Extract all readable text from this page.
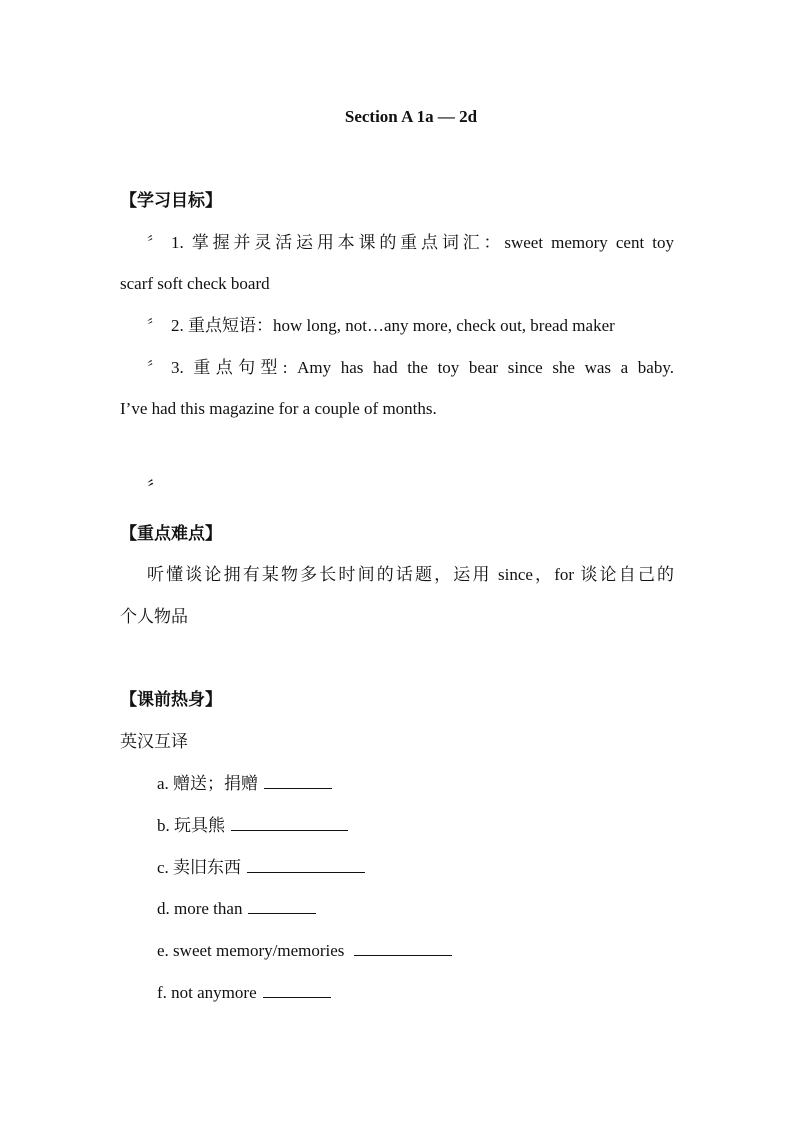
Section A 1a — 2d
【学习目标】
〞 1. 掌握并灵活运用本课的重点词汇：sweet memory cent toy
scarf soft check board
〞 2. 重点短语：how long, not…any more, check out, bread maker
〞 3. 重点句型: Amy has had the toy bear since she was a baby.
I’ve had this magazine for a couple of months.
〞
【重点难点】
听懂谈论拥有某物多长时间的话题，运用 since，for 谈论自己的
个人物品
【课前热身】
英汉互译
a. 赠送；捐赠
b. 玩具熊
c. 卖旧东西
d. more than
e. sweet memory/memories
f. not anymore
